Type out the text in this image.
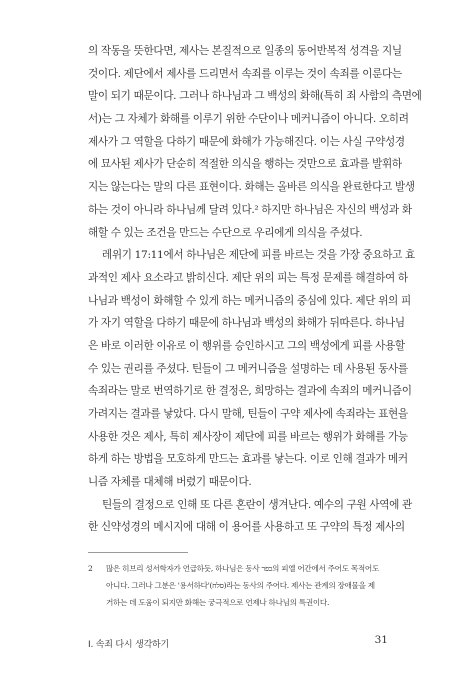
의 작동을 뜻한다면, 제사는 본질적으로 일종의 동어반복적 성격을 지닐
것이다. 제단에서 제사를 드리면서 속죄를 이루는 것이 속죄를 이룬다는
말이 되기 때문이다. 그러나 하나님과 그 백성의 화해(특히 죄 사함의 측면에
서)는 그 자체가 화해를 이루기 위한 수단이나 메커니즘이 아니다. 오히려
제사가 그 역할을 다하기 때문에 화해가 가능해진다. 이는 사실 구약성경
에 묘사된 제사가 단순히 적절한 의식을 행하는 것만으로 효과를 발휘하
지는 않는다는 말의 다른 표현이다. 화해는 올바른 의식을 완료한다고 발생
하는 것이 아니라 하나님께 달려 있다.² 하지만 하나님은 자신의 백성과 화
해할 수 있는 조건을 만드는 수단으로 우리에게 의식을 주셨다.
레위기 17:11에서 하나님은 제단에 피를 바르는 것을 가장 중요하고 효
과적인 제사 요소라고 밝히신다. 제단 위의 피는 특정 문제를 해결하여 하
나님과 백성이 화해할 수 있게 하는 메커니즘의 중심에 있다. 제단 위의 피
가 자기 역할을 다하기 때문에 하나님과 백성의 화해가 뒤따른다. 하나님
은 바로 이러한 이유로 이 행위를 승인하시고 그의 백성에게 피를 사용할
수 있는 권리를 주셨다. 틴들이 그 메커니즘을 설명하는 데 사용된 동사를
속죄라는 말로 번역하기로 한 결정은, 희망하는 결과에 속죄의 메커니즘이
가려지는 결과를 낳았다. 다시 말해, 틴들이 구약 제사에 속죄라는 표현을
사용한 것은 제사, 특히 제사장이 제단에 피를 바르는 행위가 화해를 가능
하게 하는 방법을 모호하게 만드는 효과를 낳는다. 이로 인해 결과가 메커
니즘 자체를 대체해 버렸기 때문이다.
틴들의 결정으로 인해 또 다른 혼란이 생겨난다. 예수의 구원 사역에 관
한 신약성경의 메시지에 대해 이 용어를 사용하고 또 구약의 특정 제사의
2 많은 히브리 성서학자가 언급하듯, 하나님은 동사 כפר의 피엘 어간에서 주어도 목적어도
아니다. 그러나 그분은 '용서하다'(סלח)라는 동사의 주어다. 제사는 관계의 장애물을 제
거하는 데 도움이 되지만 화해는 궁극적으로 언제나 하나님의 특권이다.
I. 속죄 다시 생각하기	31
